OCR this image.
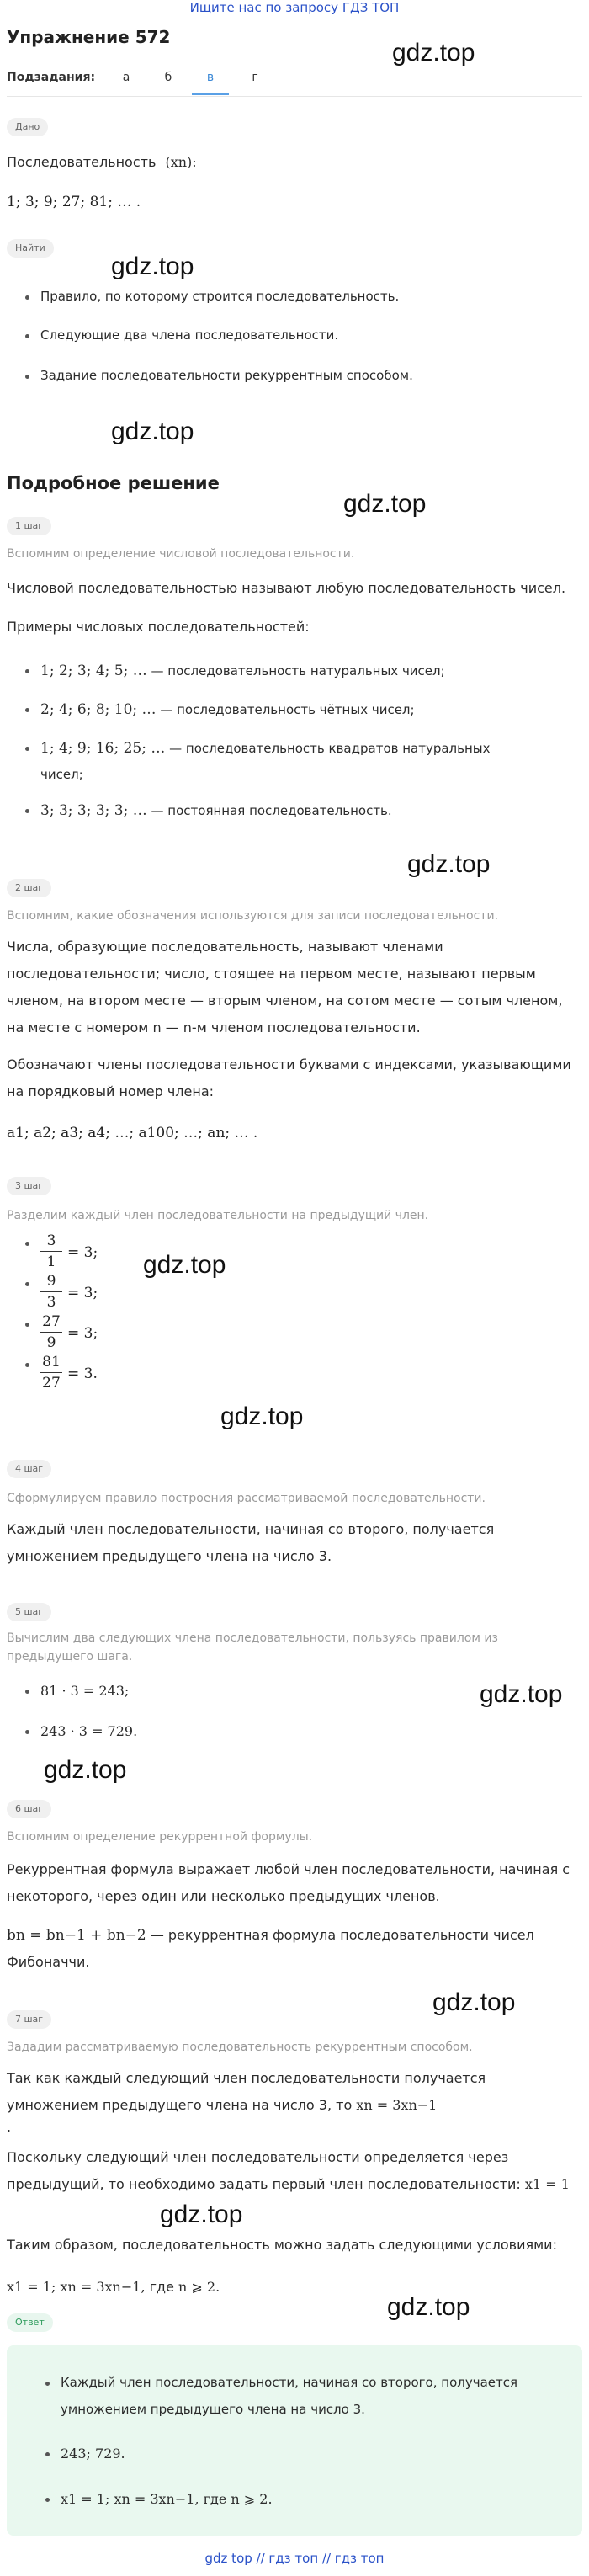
Ищите нас по запросу ГДЗ ТОП
Упражнение 572
gdz.top
Подзадания:	а	б	в	г
Дано
Последовательность (xn):
1; 3; 9; 27; 81; … .
Найти
gdz.top
Правило, по которому строится последовательность.
Следующие два члена последовательности.
Задание последовательности рекуррентным способом.
gdz.top
Подробное решение
gdz.top
1 шаг
Вспомним определение числовой последовательности.
Числовой последовательностью называют любую последовательность чисел.
Примеры числовых последовательностей:
1; 2; 3; 4; 5; … — последовательность натуральных чисел;
2; 4; 6; 8; 10; … — последовательность чётных чисел;
1; 4; 9; 16; 25; … — последовательность квадратов натуральных
чисел;
3; 3; 3; 3; 3; … — постоянная последовательность.
gdz.top
2 шаг
Вспомним, какие обозначения используются для записи последовательности.
Числа, образующие последовательность, называют членами
последовательности; число, стоящее на первом месте, называют первым
членом, на втором месте — вторым членом, на сотом месте — сотым членом,
на месте с номером n — n-м членом последовательности.
Обозначают члены последовательности буквами с индексами, указывающими
на порядковый номер члена:
a1; a2; a3; a4; …; a100; …; an; … .
3 шаг
Разделим каждый член последовательности на предыдущий член.
3
1
= 3; gdz.top
9
3
= 3;
27
9
= 3;
81
27
= 3.
gdz.top
4 шаг
Сформулируем правило построения рассматриваемой последовательности.
Каждый член последовательности, начиная со второго, получается
умножением предыдущего члена на число 3.
5 шаг
Вычислим два следующих члена последовательности, пользуясь правилом из
предыдущего шага.
81 · 3 = 243;	gdz.top
243 · 3 = 729.
gdz.top
6 шаг
Вспомним определение рекуррентной формулы.
Рекуррентная формула выражает любой член последовательности, начиная с
некоторого, через один или несколько предыдущих членов.
bn = bn−1 + bn−2 — рекуррентная формула последовательности чисел
Фибоначчи.
gdz.top
7 шаг
Зададим рассматриваемую последовательность рекуррентным способом.
Так как каждый следующий член последовательности получается
умножением предыдущего члена на число 3, то xn = 3xn−1
.
Поскольку следующий член последовательности определяется через
предыдущий, то необходимо задать первый член последовательности: x1 = 1
gdz.top
Таким образом, последовательность можно задать следующими условиями:
x1 = 1; xn = 3xn−1, где n ⩾ 2.
gdz.top
Ответ
Каждый член последовательности, начиная со второго, получается
умножением предыдущего члена на число 3.
243; 729.
x1 = 1; xn = 3xn−1, где n ⩾ 2.
gdz top // гдз топ // гдз топ
